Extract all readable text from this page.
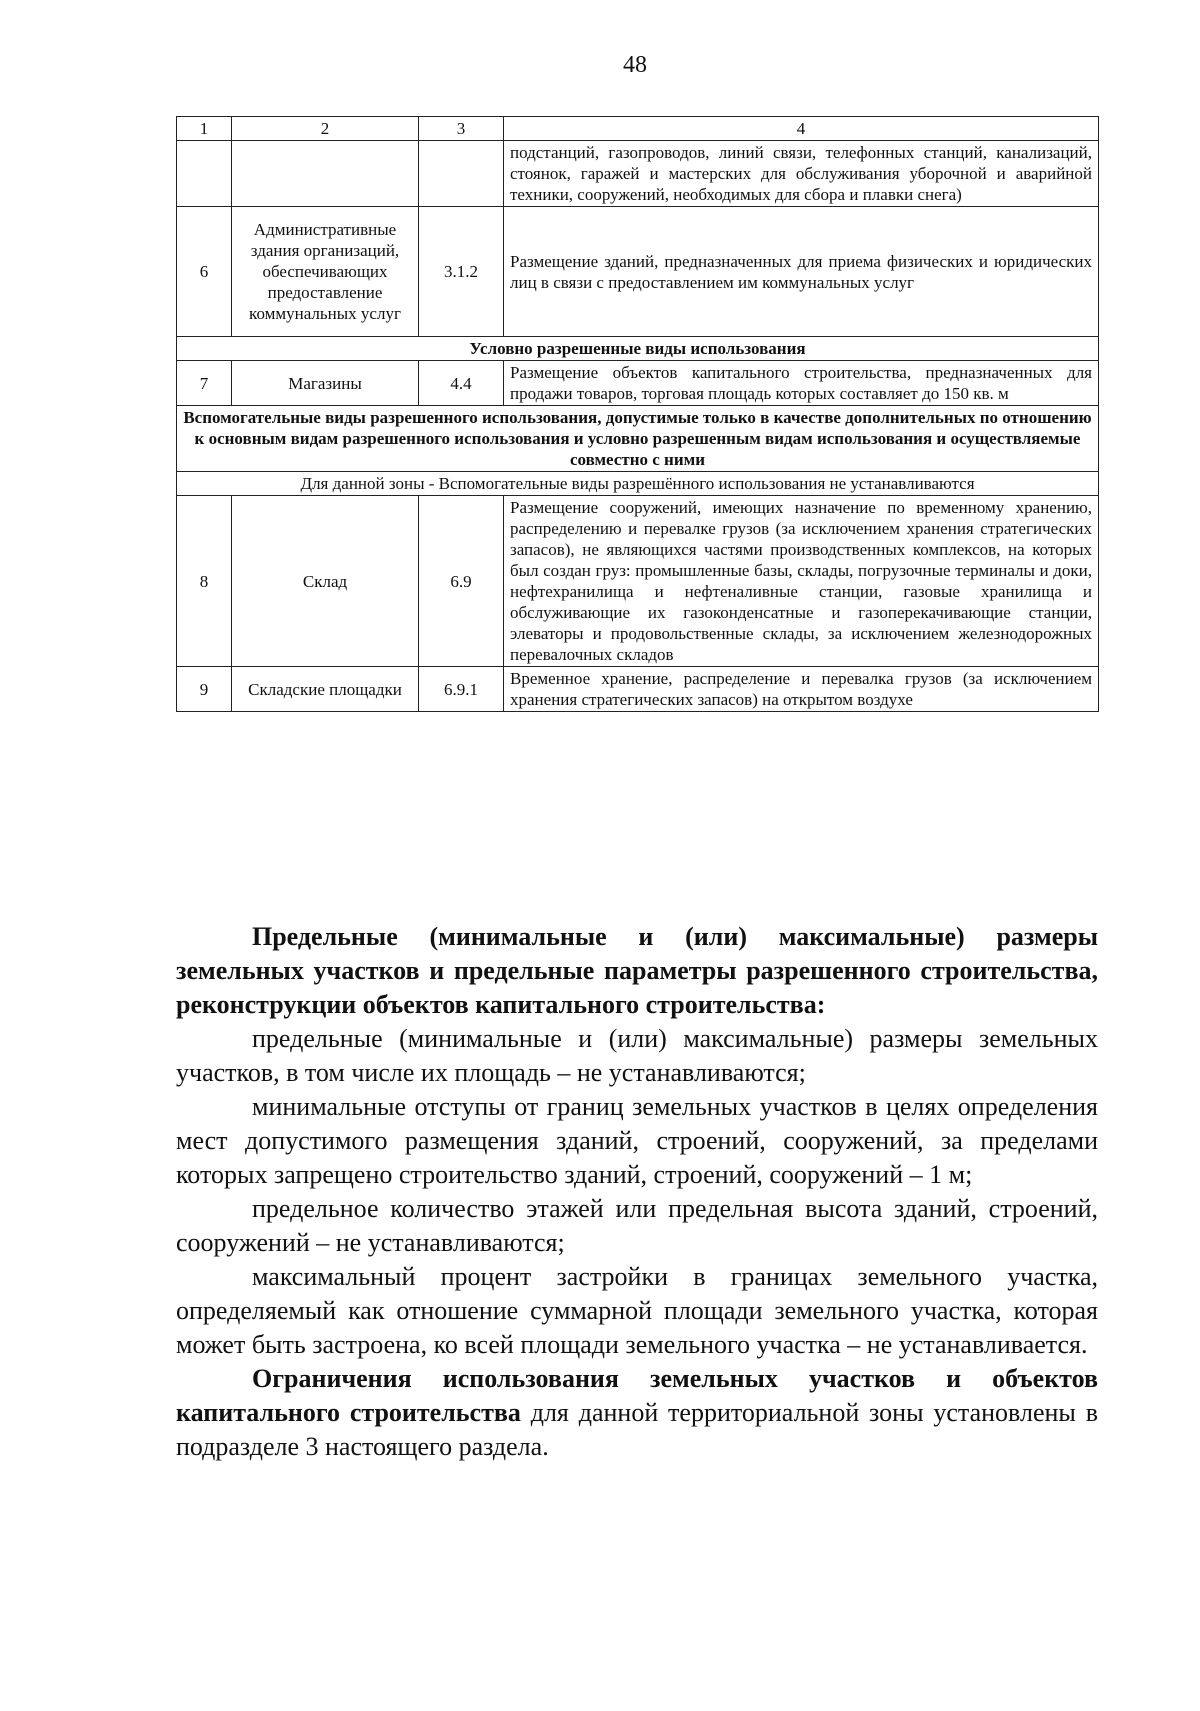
48
1	2	3	4
			подстанций, газопроводов, линий связи, телефонных станций, канализаций, стоянок, гаражей и мастерских для обслуживания уборочной и аварийной техники, сооружений, необходимых для сбора и плавки снега)
6	Административные здания организаций, обеспечивающих предоставление коммунальных услуг	3.1.2	Размещение зданий, предназначенных для приема физических и юридических лиц в связи с предоставлением им коммунальных услуг
Условно разрешенные виды использования			
7	Магазины	4.4	Размещение объектов капитального строительства, предназначенных для продажи товаров, торговая площадь которых составляет до 150 кв. м
Вспомогательные виды разрешенного использования, допустимые только в качестве дополнительных по отношению к основным видам разрешенного использования и условно разрешенным видам использования и осуществляемые совместно с ними			
Для данной зоны - Вспомогательные виды разрешённого использования не устанавливаются			
8	Склад	6.9	Размещение сооружений, имеющих назначение по временному хранению, распределению и перевалке грузов (за исключением хранения стратегических запасов), не являющихся частями производственных комплексов, на которых был создан груз: промышленные базы, склады, погрузочные терминалы и доки, нефтехранилища и нефтеналивные станции, газовые хранилища и обслуживающие их газоконденсатные и газоперекачивающие станции, элеваторы и продовольственные склады, за исключением железнодорожных перевалочных складов
9	Складские площадки	6.9.1	Временное хранение, распределение и перевалка грузов (за исключением хранения стратегических запасов) на открытом воздухе

Предельные (минимальные и (или) максимальные) размеры земельных участков и предельные параметры разрешенного строительства, реконструкции объектов капитального строительства:

предельные (минимальные и (или) максимальные) размеры земельных участков, в том числе их площадь – не устанавливаются;

минимальные отступы от границ земельных участков в целях определения мест допустимого размещения зданий, строений, сооружений, за пределами которых запрещено строительство зданий, строений, сооружений – 1 м;

предельное количество этажей или предельная высота зданий, строений, сооружений – не устанавливаются;

максимальный процент застройки в границах земельного участка, определяемый как отношение суммарной площади земельного участка, которая может быть застроена, ко всей площади земельного участка – не устанавливается.

Ограничения использования земельных участков и объектов капитального строительства для данной территориальной зоны установлены в подразделе 3 настоящего раздела.
